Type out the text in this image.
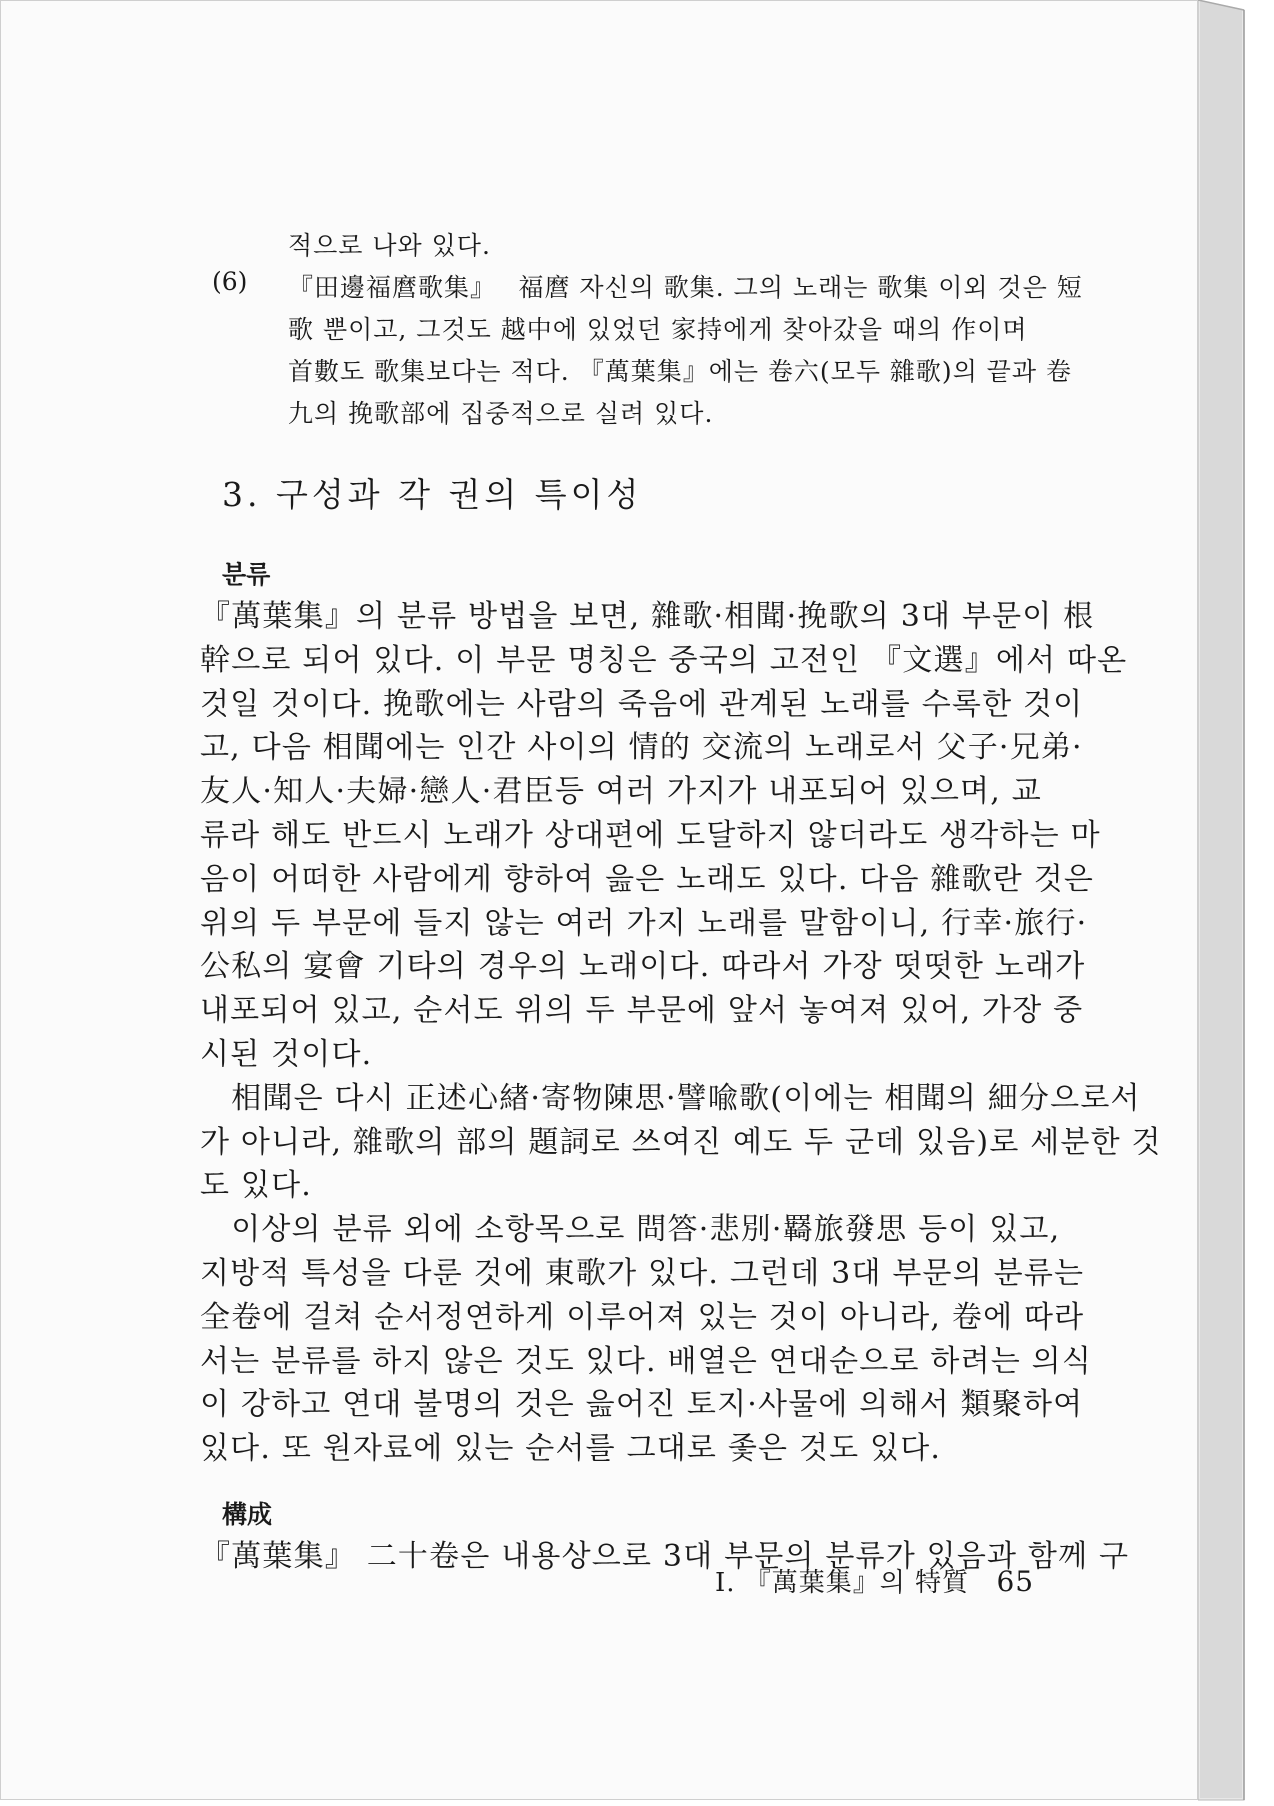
적으로 나와 있다.
(6) 『田邊福麿歌集』　 福麿 자신의 歌集. 그의 노래는 歌集 이외 것은 短
歌 뿐이고, 그것도 越中에 있었던 家持에게 찾아갔을 때의 作이며
首數도 歌集보다는 적다. 『萬葉集』에는 卷六(모두 雜歌)의 끝과 卷
九의 挽歌部에 집중적으로 실려 있다.
3. 구성과 각 권의 특이성
분류
『萬葉集』의 분류 방법을 보면, 雜歌·相聞·挽歌의 3대 부문이 根
幹으로 되어 있다. 이 부문 명칭은 중국의 고전인 『文選』에서 따온
것일 것이다. 挽歌에는 사람의 죽음에 관계된 노래를 수록한 것이
고, 다음 相聞에는 인간 사이의 情的 交流의 노래로서 父子·兄弟·
友人·知人·夫婦·戀人·君臣등 여러 가지가 내포되어 있으며, 교
류라 해도 반드시 노래가 상대편에 도달하지 않더라도 생각하는 마
음이 어떠한 사람에게 향하여 읊은 노래도 있다. 다음 雜歌란 것은
위의 두 부문에 들지 않는 여러 가지 노래를 말함이니, 行幸·旅行·
公私의 宴會 기타의 경우의 노래이다. 따라서 가장 떳떳한 노래가
내포되어 있고, 순서도 위의 두 부문에 앞서 놓여져 있어, 가장 중
시된 것이다.
　相聞은 다시 正述心緖·寄物陳思·譬喩歌(이에는 相聞의 細分으로서
가 아니라, 雜歌의 部의 題詞로 쓰여진 예도 두 군데 있음)로 세분한 것
도 있다.
　이상의 분류 외에 소항목으로 問答·悲別·羇旅發思 등이 있고,
지방적 특성을 다룬 것에 東歌가 있다. 그런데 3대 부문의 분류는
全卷에 걸쳐 순서정연하게 이루어져 있는 것이 아니라, 卷에 따라
서는 분류를 하지 않은 것도 있다. 배열은 연대순으로 하려는 의식
이 강하고 연대 불명의 것은 읊어진 토지·사물에 의해서 類聚하여
있다. 또 원자료에 있는 순서를 그대로 좇은 것도 있다.
構成
『萬葉集』 二十卷은 내용상으로 3대 부문의 분류가 있음과 함께 구
I. 『萬葉集』의 特質 65
